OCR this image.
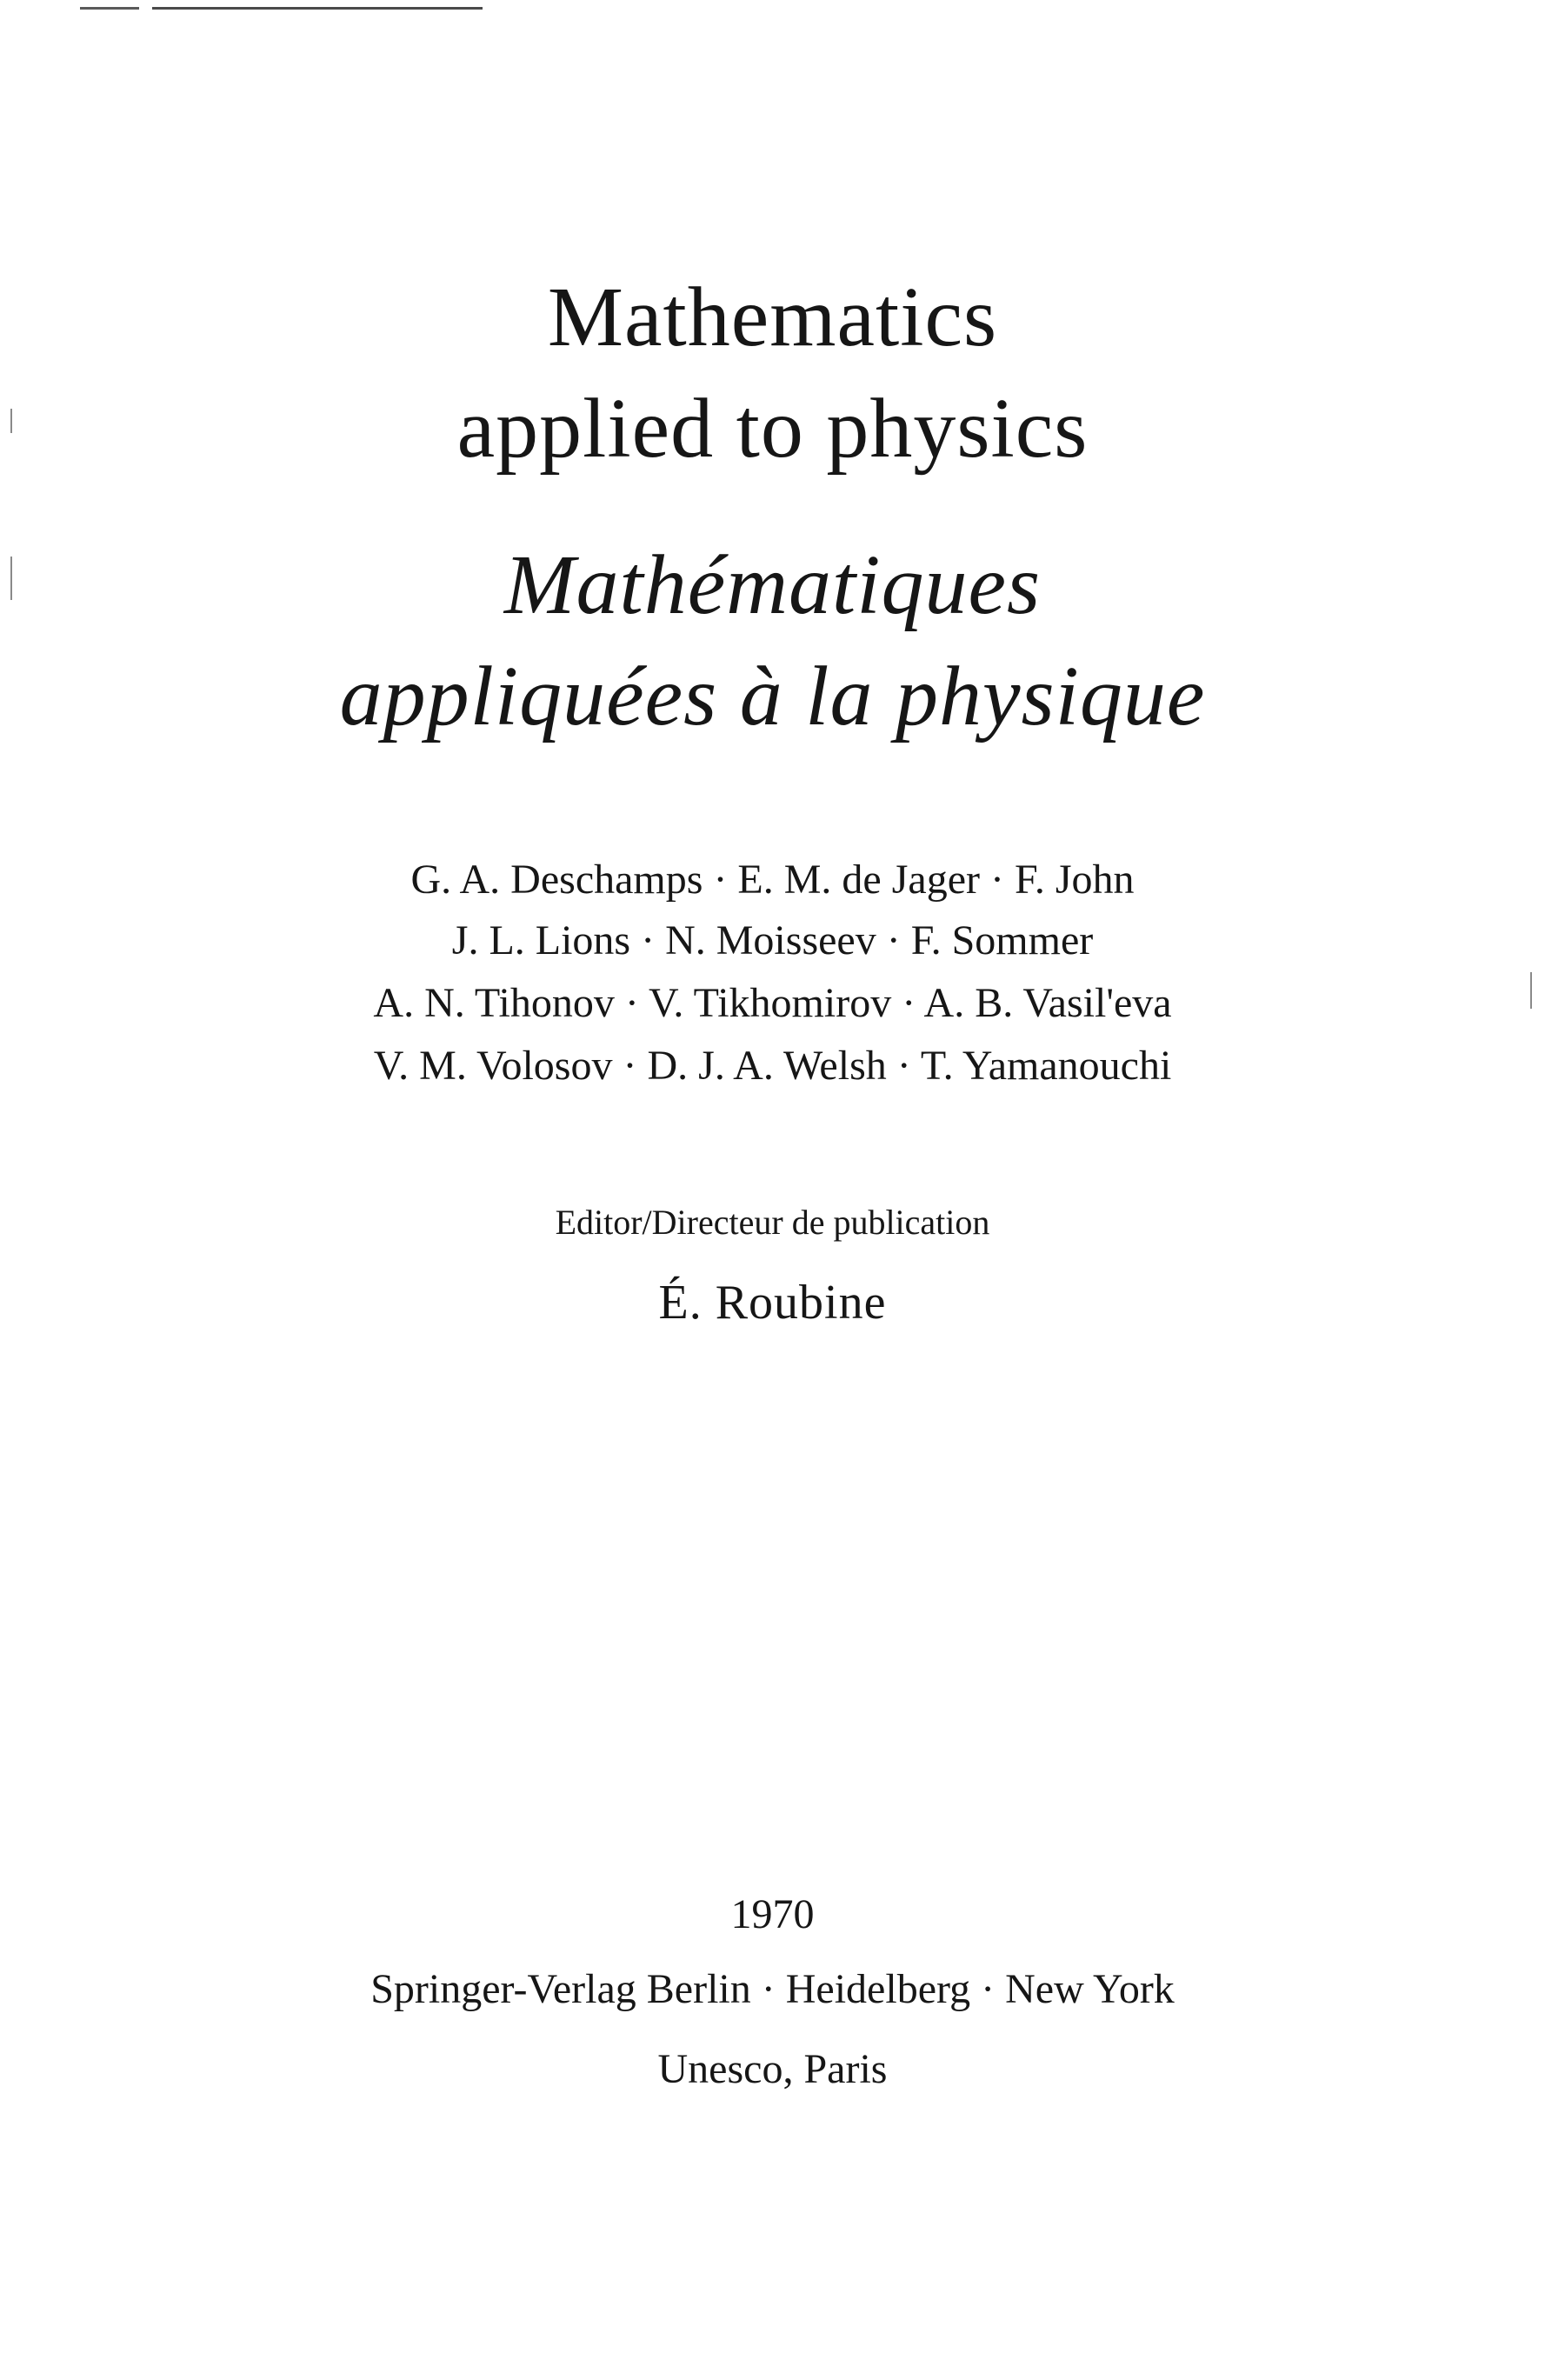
Mathematics
applied to physics
Mathématiques
appliquées à la physique
G. A. Deschamps · E. M. de Jager · F. John
J. L. Lions · N. Moisseev · F. Sommer
A. N. Tihonov · V. Tikhomirov · A. B. Vasil'eva
V. M. Volosov · D. J. A. Welsh · T. Yamanouchi
Editor/Directeur de publication
É. Roubine
1970
Springer-Verlag Berlin · Heidelberg · New York
Unesco, Paris
